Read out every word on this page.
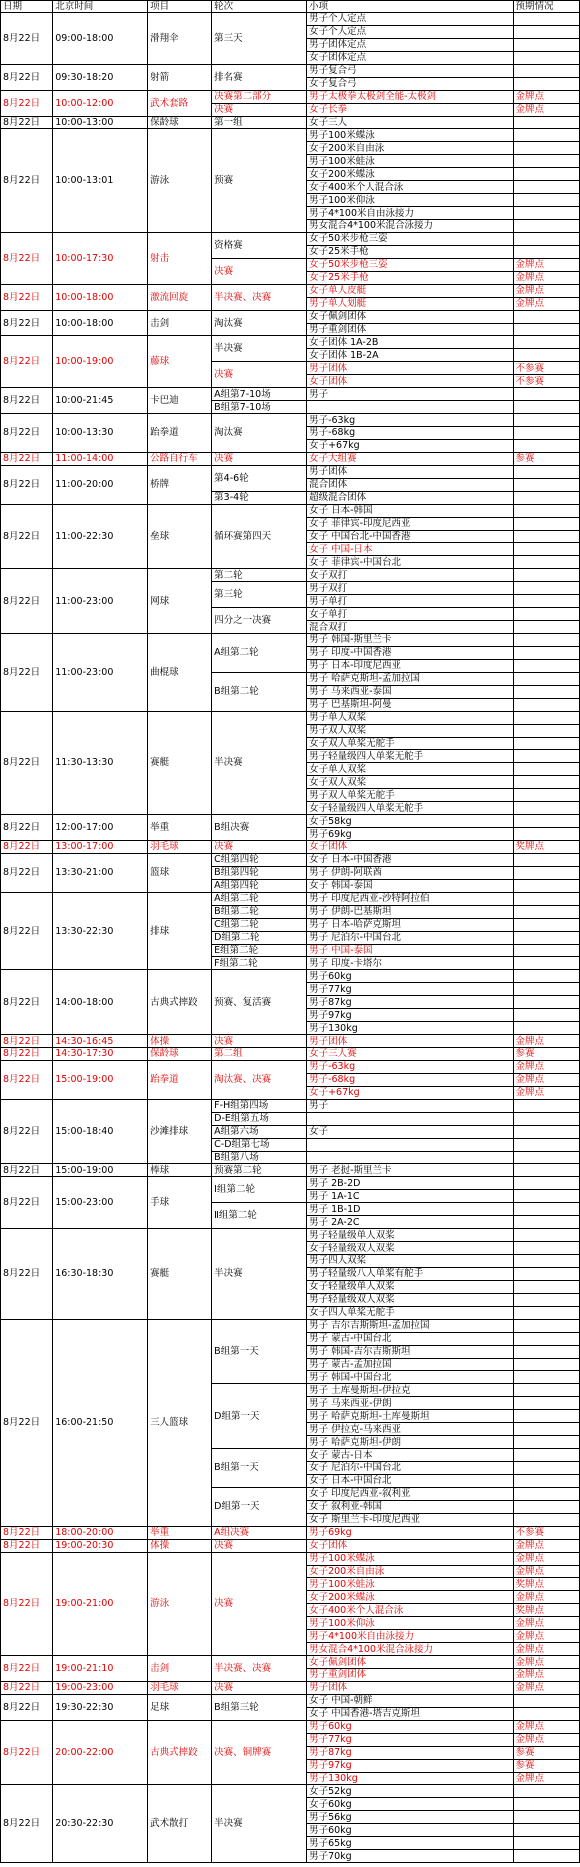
日期	北京时间	项目	轮次	小项	预期情况
8月22日	09:00-18:00	滑翔伞	第三天	男子个人定点	
				女子个人定点	
				男子团体定点	
				女子团体定点	
8月22日	09:30-18:20	射箭	排名赛	男子复合弓	
				女子复合弓	
8月22日	10:00-12:00	武术套路	决赛第二部分	男子太极拳太极剑全能-太极剑	金牌点
			决赛	女子长拳	金牌点
8月22日	10:00-13:00	保龄球	第一组	女子三人	
8月22日	10:00-13:01	游泳	预赛	男子100米蝶泳	
				女子200米自由泳	
				男子100米蛙泳	
				女子200米蝶泳	
				女子400米个人混合泳	
				男子100米仰泳	
				男子4*100米自由泳接力	
				男女混合4*100米混合泳接力	
8月22日	10:00-17:30	射击	资格赛	女子50米步枪三姿	
				女子25米手枪	
			决赛	女子50米步枪三姿	金牌点
				女子25米手枪	金牌点
8月22日	10:00-18:00	激流回旋	半决赛、决赛	女子单人皮艇	金牌点
				男子单人划艇	金牌点
8月22日	10:00-18:00	击剑	淘汰赛	女子佩剑团体	
				男子重剑团体	
8月22日	10:00-19:00	藤球	半决赛	女子团体 1A-2B	
				女子团体 1B-2A	
			决赛	男子团体	不参赛
				女子团体	不参赛
8月22日	10:00-21:45	卡巴迪	A组第7-10场	男子	
			B组第7-10场		
8月22日	10:00-13:30	跆拳道	淘汰赛	男子-63kg	
				男子-68kg	
				女子+67kg	
8月22日	11:00-14:00	公路自行车	决赛	女子大组赛	参赛
8月22日	11:00-20:00	桥牌	第4-6轮	男子团体	
				混合团体	
			第3-4轮	超级混合团体	
8月22日	11:00-22:30	垒球	循环赛第四天	女子 日本-韩国	
				女子 菲律宾-印度尼西亚	
				女子 中国台北-中国香港	
				女子 中国-日本	
				女子 菲律宾-中国台北	
8月22日	11:00-23:00	网球	第二轮	女子双打	
			第三轮	男子双打	
				男子单打	
			四分之一决赛	女子单打	
				混合双打	
8月22日	11:00-23:00	曲棍球	A组第二轮	男子 韩国-斯里兰卡	
				男子 印度-中国香港	
				男子 日本-印度尼西亚	
			B组第二轮	男子 哈萨克斯坦-孟加拉国	
				男子 马来西亚-泰国	
				男子 巴基斯坦-阿曼	
8月22日	11:30-13:30	赛艇	半决赛	男子单人双桨	
				男子双人双桨	
				女子双人单桨无舵手	
				男子轻量级四人单桨无舵手	
				女子单人双桨	
				女子双人双桨	
				男子双人单桨无舵手	
				女子轻量级四人单桨无舵手	
8月22日	12:00-17:00	举重	B组决赛	女子58kg	
				男子69kg	
8月22日	13:00-17:00	羽毛球	决赛	女子团体	奖牌点
8月22日	13:30-21:00	篮球	C组第四轮	女子 日本-中国香港	
			B组第四轮	男子 伊朗-阿联酋	
			A组第四轮	女子 韩国-泰国	
8月22日	13:30-22:30	排球	A组第二轮	男子 印度尼西亚-沙特阿拉伯	
			B组第二轮	男子 伊朗-巴基斯坦	
			C组第二轮	男子 日本-哈萨克斯坦	
			D组第二轮	男子 尼泊尔-中国台北	
			E组第二轮	男子 中国-泰国	
			F组第二轮	男子 印度-卡塔尔	
8月22日	14:00-18:00	古典式摔跤	预赛、复活赛	男子60kg	
				男子77kg	
				男子87kg	
				男子97kg	
				男子130kg	
8月22日	14:30-16:45	体操	决赛	男子团体	金牌点
8月22日	14:30-17:30	保龄球	第二组	女子三人赛	参赛
8月22日	15:00-19:00	跆拳道	淘汰赛、决赛	男子-63kg	金牌点
				男子-68kg	金牌点
				女子+67kg	金牌点
8月22日	15:00-18:40	沙滩排球	F-H组第四场	男子	
			D-E组第五场		
			A组第六场	女子	
			C-D组第七场		
			B组第八场		
8月22日	15:00-19:00	棒球	预赛第二轮	男子 老挝-斯里兰卡	
8月22日	15:00-23:00	手球	Ⅰ组第二轮	男子 2B-2D	
				男子 1A-1C	
			Ⅱ组第二轮	男子 1B-1D	
				男子 2A-2C	
8月22日	16:30-18:30	赛艇	半决赛	男子轻量级单人双桨	
				女子轻量级双人双桨	
				男子四人双桨	
				男子轻量级八人单桨有舵手	
				女子轻量级单人双桨	
				男子轻量级双人双桨	
				女子四人单桨无舵手	
8月22日	16:00-21:50	三人篮球	B组第一天	男子 吉尔吉斯斯坦-孟加拉国	
				男子 蒙古-中国台北	
				男子 韩国-吉尔吉斯斯坦	
				男子 蒙古-孟加拉国	
				男子 韩国-中国台北	
			D组第一天	男子 土库曼斯坦-伊拉克	
				男子 马来西亚-伊朗	
				男子 哈萨克斯坦-土库曼斯坦	
				男子 伊拉克-马来西亚	
				男子 哈萨克斯坦-伊朗	
			B组第一天	女子 蒙古-日本	
				女子 尼泊尔-中国台北	
				女子 日本-中国台北	
			D组第一天	女子 印度尼西亚-叙利亚	
				女子 叙利亚-韩国	
				女子 斯里兰卡-印度尼西亚	
8月22日	18:00-20:00	举重	A组决赛	男子69kg	不参赛
8月22日	19:00-20:30	体操	决赛	女子团体	金牌点
8月22日	19:00-21:00	游泳	决赛	男子100米蝶泳	金牌点
				女子200米自由泳	金牌点
				男子100米蛙泳	奖牌点
				女子200米蝶泳	金牌点
				女子400米个人混合泳	奖牌点
				男子100米仰泳	金牌点
				男子4*100米自由泳接力	金牌点
				男女混合4*100米混合泳接力	金牌点
8月22日	19:00-21:10	击剑	半决赛、决赛	女子佩剑团体	金牌点
				男子重剑团体	金牌点
8月22日	19:00-23:00	羽毛球	决赛	男子团体	金牌点
8月22日	19:30-22:30	足球	B组第三轮	女子 中国-朝鲜	
				女子 中国香港-塔吉克斯坦	
8月22日	20:00-22:00	古典式摔跤	决赛、铜牌赛	男子60kg	金牌点
				男子77kg	金牌点
				男子87kg	参赛
				男子97kg	参赛
				男子130kg	金牌点
8月22日	20:30-22:30	武术散打	半决赛	女子52kg	
				女子60kg	
				男子56kg	
				男子60kg	
				男子65kg	
				男子70kg	
